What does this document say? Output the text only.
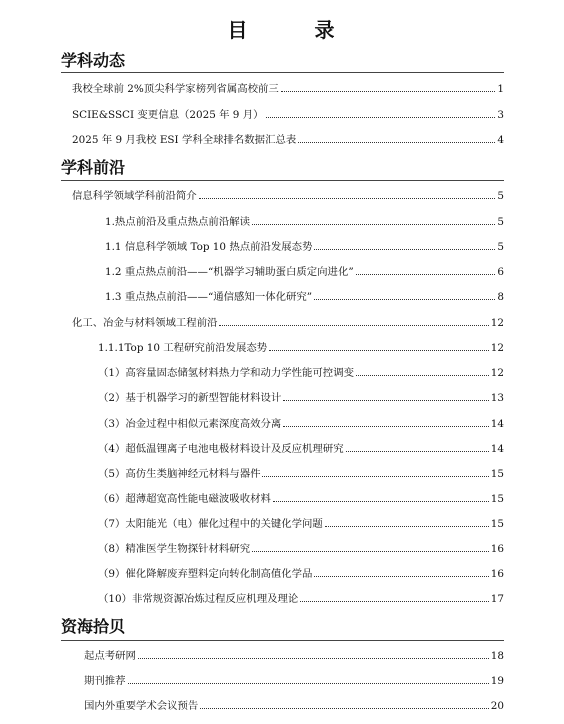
目 录
学科动态
我校全球前 2%顶尖科学家榜列省属高校前三	1
SCIE&SSCI 变更信息（2025 年 9 月）	3
2025 年 9 月我校 ESI 学科全球排名数据汇总表	4
学科前沿
信息科学领域学科前沿简介	5
1.热点前沿及重点热点前沿解读	5
1.1 信息科学领域 Top 10 热点前沿发展态势	5
1.2 重点热点前沿——“机器学习辅助蛋白质定向进化”	6
1.3 重点热点前沿——“通信感知一体化研究”	8
化工、冶金与材料领域工程前沿	12
1.1.1Top 10 工程研究前沿发展态势	12
（1）高容量固态储氢材料热力学和动力学性能可控调变	12
（2）基于机器学习的新型智能材料设计	13
（3）冶金过程中相似元素深度高效分离	14
（4）超低温锂离子电池电极材料设计及反应机理研究	14
（5）高仿生类脑神经元材料与器件	15
（6）超薄超宽高性能电磁波吸收材料	15
（7）太阳能光（电）催化过程中的关键化学问题	15
（8）精准医学生物探针材料研究	16
（9）催化降解废弃塑料定向转化制高值化学品	16
（10）非常规资源冶炼过程反应机理及理论	17
资海拾贝
起点考研网	18
期刊推荐	19
国内外重要学术会议预告	20
